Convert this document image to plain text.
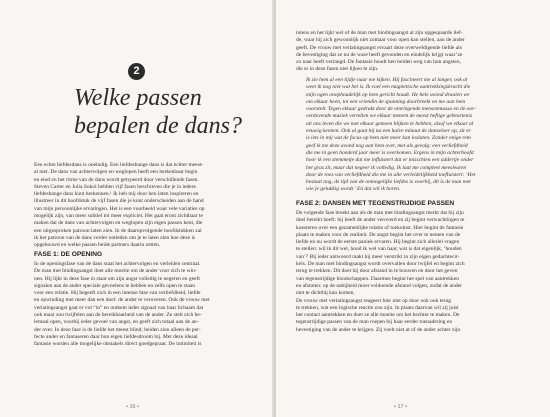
2
Welke passen
bepalen de dans?
Een echte liefdesdans is oneindig. Een liefdesbange dans is dat echter meest-
al niet. De dans van achtervolgen en weglopen heeft een herkenbaar begin
en eind en het ritme van de dans wordt getypeerd door verschillende fasen.
Steven Carter en Julia Sokol hebben vijf fasen beschreven die je in iedere
liefdesbange dans kunt herkennen.¹ Ik heb mij door hen laten inspireren en
illustreer in dit hoofdstuk de vijf fasen die je kunt onderscheiden aan de hand
van mijn persoonlijke ervaringen. Het is een voorbeeld waar vele variaties op
mogelijk zijn, van meer subtiel tot meer expliciet. Het gaat erom zichtbaar te
maken dat de dans van achtervolgen en weglopen zijn eigen passen kent, die
een uitgesproken patroon laten zien. In de daaropvolgende hoofdstukken zal
ik het patroon van de dans verder ontleden om je te laten zien hoe deze is
opgebouwd en welke passen beide partners daarin zetten.
FASE 1: DE OPENING
In de openingsfase van de dans staat het achtervolgen en verleiden centraal.
De man met bindingsangst doet alle moeite om de ander voor zich te win-
nen. Hij lijkt in deze fase in staat om zijn angst volledig te negeren en geeft
signalen aan de ander speciale gevoelens te hebben en zelfs open te staan
voor een relatie. Hij begeeft zich in een intense fase van verliefdheid, liefde
en opwinding met meer dan een doel: de ander te veroveren. Ook de vrouw met
verlatingsangst gaat er vol “in” en ontkent ieder signaal van haar lichaam dat
ook maar zou twijfelen aan de bereikbaarheid van de ander. Ze stelt zich he-
lemaal open, voorbij ieder gevoel van angst, en geeft zich totaal aan de an-
der over. In deze fase is de liefde het meest blind; beiden zien alleen de per-
fecte ander en fantaseren daar hun eigen liefdesdroom bij. Met deze ideaal
fantasie worden alle mogelijke obstakels direct goedgepraat. De intimiteit is
• 16 •
intens en het lijkt wel of de man met bindingsangst al zijn opgespaarde lief-
de, waar hij zich gewoonlijk niet zomaar voor open kan stellen, aan de ander
geeft. De vrouw met verlatingsangst ervaart deze overweldigende liefde als
de bevestiging dat ze nu de ware heeft gevonden en eindelijk krijgt waar’ze
zo naar heeft verlangd. De fantasie houdt hen beiden weg van hun angsten,
die er in deze fasen niet lijken te zijn.
Ik zie hem al een tijdje naar me kijken. Hij fascineert me al langer, ook al
weet ik nog niet wat het is. Ik voel een magnetische aantrekkingskracht die
mijn ogen onophoudelijk op hem gericht houdt. He hele avond draaien we
om elkaar heen, tot een vriendin de spanning doorbreekt en me aan hem
voorstelt. Tegen elkaar gedrukt door de omringende mensenmassa en de oor-
verdovende muziek vertellen we elkaar meteen de meest heftige gebeurtenis
uit ons leven die we met elkaar gemeen blijken te hebben, alsof we elkaar al
eeuwig kennen. Ook al gaat hij na een halve minuut de dansvloer op, zit er
is iets in mij wat de focus op hem niet meer kan loslaten. Zonder enige rem
geef ik me deze avond nog aan hem over, met als gevolg: een verliefdheid
die me in geen honderd jaar meer is overkomen. Ergens in mijn achterhoofd
hoor ik een stemmetje dat me influistert dat er misschien een addertje onder
het gras zit, maar dat negeer ik volledig. Ik laat me compleet meesleuren
door de roes van verliefdheid die me in alle verleidelijkheid toefluistert: ‘Het
bestaat nog, de tijd van de onmogelijke liefdes is voorbij, dit is de man met
wie je gelukkig wordt.’ En dat wil ik horen.
FASE 2: DANSEN MET TEGENSTRIJDIGE PASSEN
De volgende fase breekt aan als de man met bindingsangst merkt dat hij zijn
doel bereikt heeft: hij heeft de ander veroverd en zij begint verwachtingen te
koesteren over een gezamenlijke relatie of toekomst. Hier begint de fantasie
plaats te maken voor de realiteit. De angst begint het over te nemen van de
liefde en nu wordt de eerste paniek ervaren. Hij begint zich allerlei vragen
te stellen: wil ik dit wel, houd ik wel van haar, wat is dat eigenlijk, ‘houden
van’? Bij ieder antwoord raakt hij meer verstrikt in zijn eigen gedachtecir-
kels. De man met bindingsangst wordt overvallen door twijfel en begint zich
terug te trekken. Dit doet hij door afstand in te bouwen en door het geven
van tegenstrijdige boodschappen. Daarmee begint het spel van aantrekken
en afstoten: op de nabijheid moet voldoende afstand volgen, zodat de ander
niet te dichtbij kan komen.
De vrouw met verlatingsangst reageert hier niet op door ook ook terug
te trekken, wat een logische reactie zou zijn. In plaats daarvan wil zij juist
het contact aantrekken en doet ze alle moeite om het hechter te maken. De
tegenstrijdige passen van de man roepen bij haar eerder toenadering en
bevestiging van de ander te krijgen. Zij voelt niet at of de ander achter zijn
• 17 •
